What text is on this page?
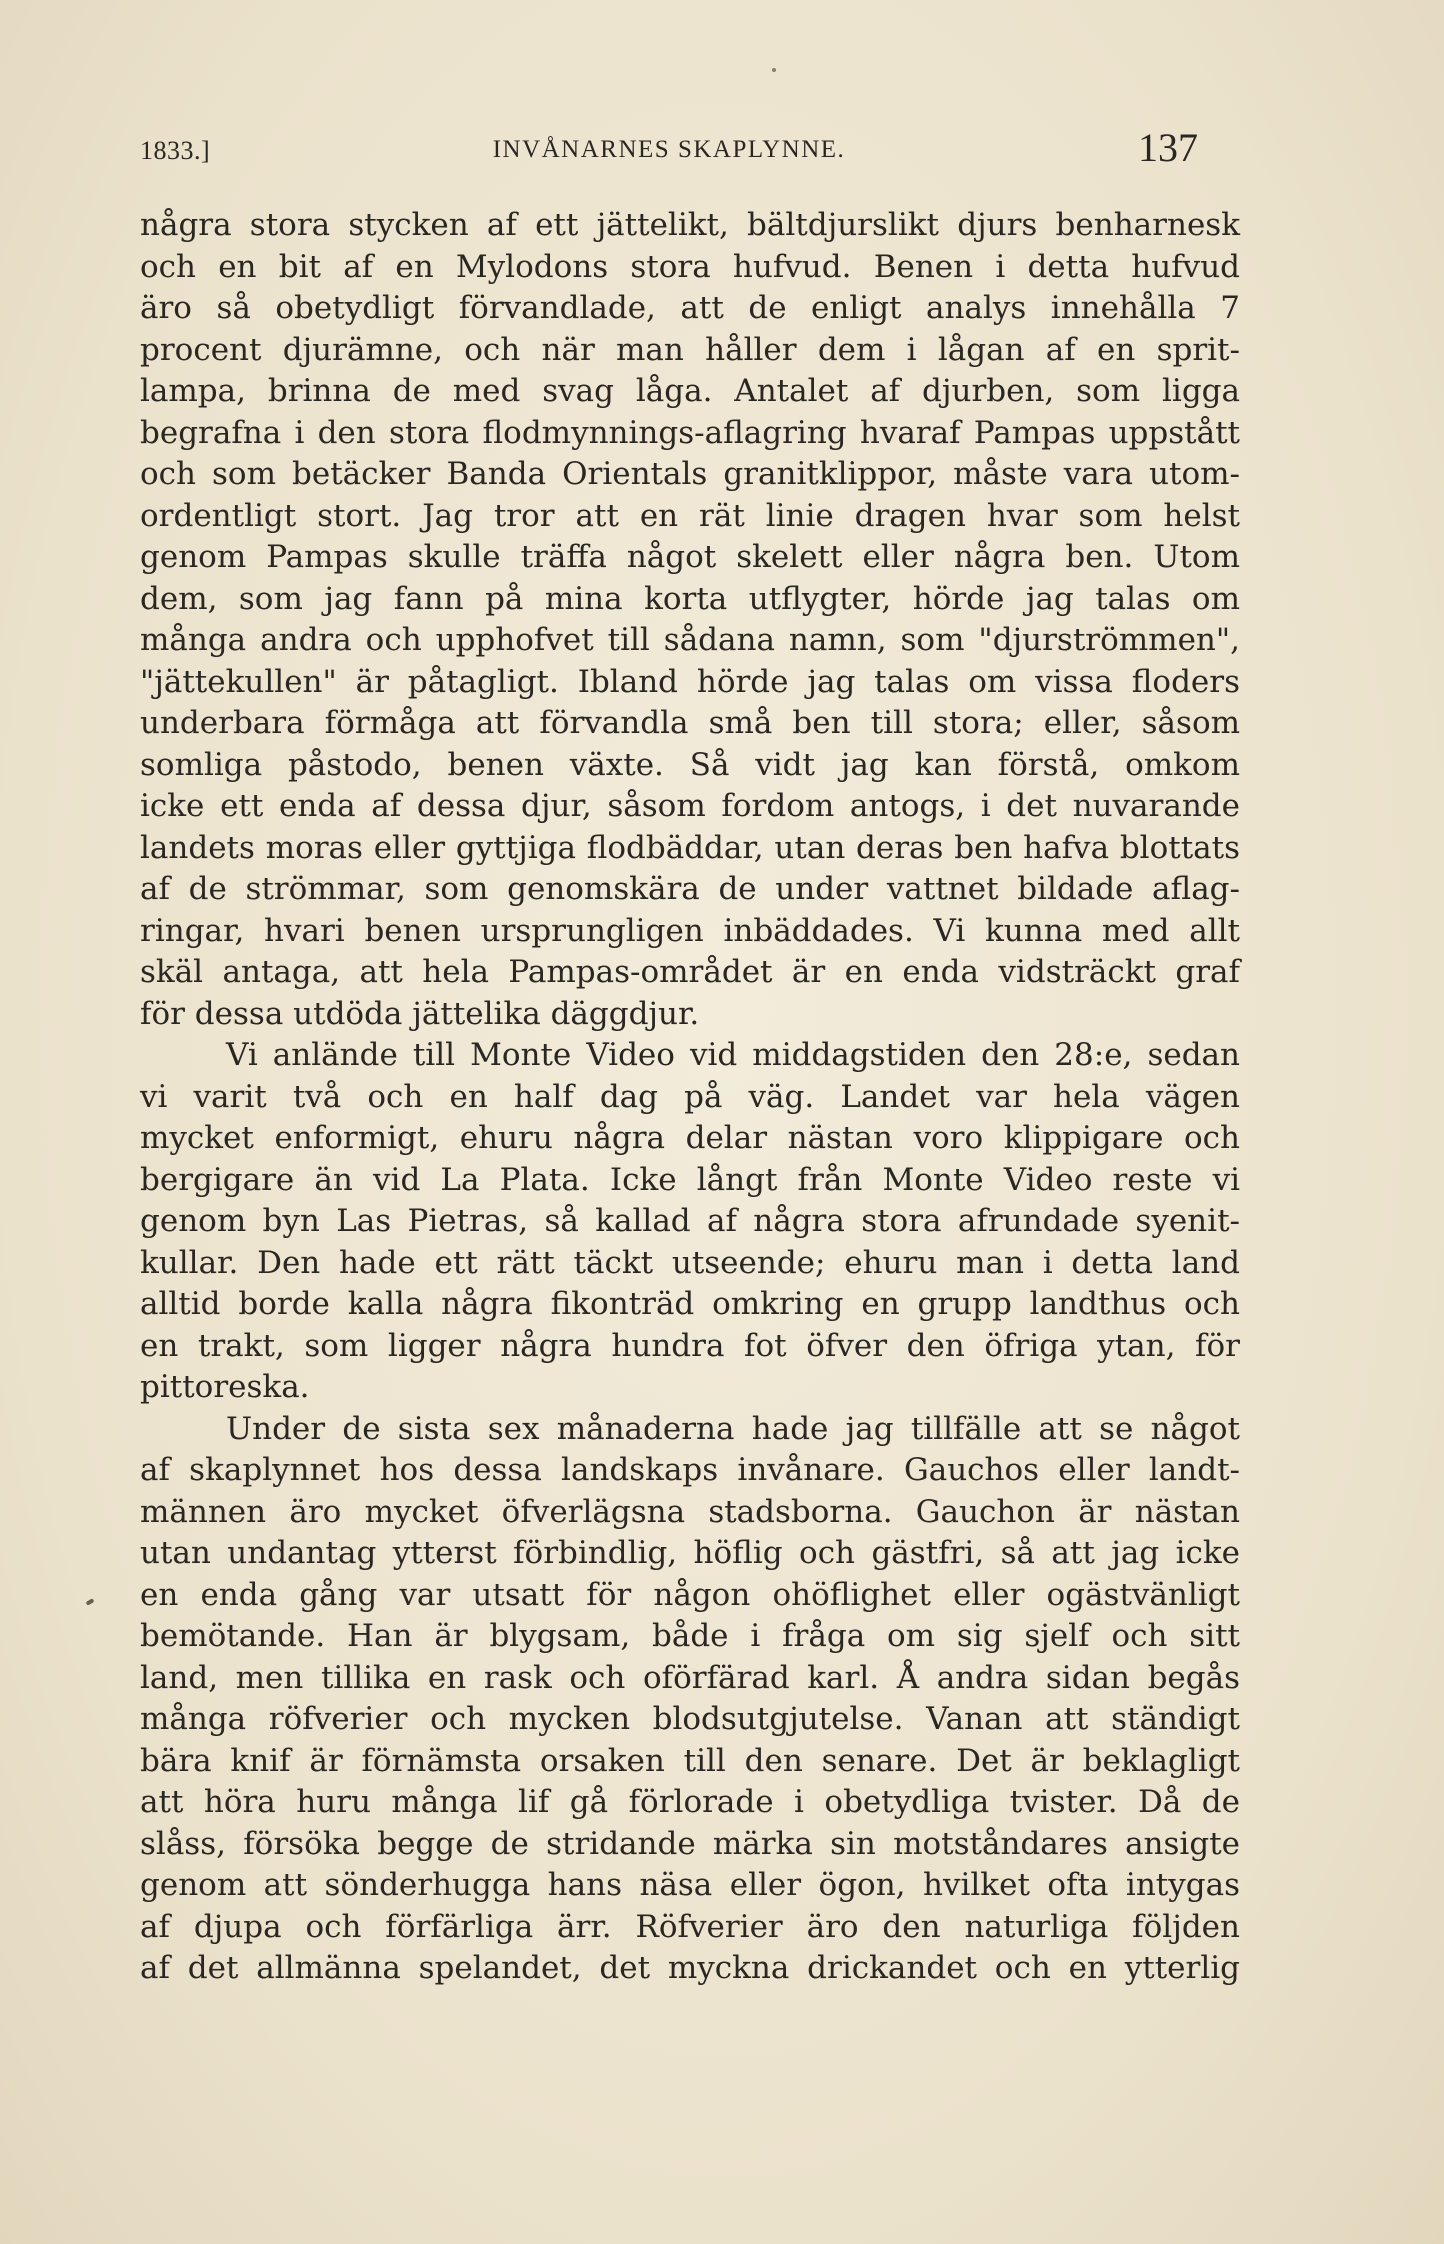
1833.]	INVÅNARNES SKAPLYNNE.	137
några stora stycken af ett jättelikt, bältdjurslikt djurs benharnesk
och en bit af en Mylodons stora hufvud. Benen i detta hufvud
äro så obetydligt förvandlade, att de enligt analys innehålla 7
procent djurämne, och när man håller dem i lågan af en sprit-
lampa, brinna de med svag låga. Antalet af djurben, som ligga
begrafna i den stora flodmynnings-aflagring hvaraf Pampas uppstått
och som betäcker Banda Orientals granitklippor, måste vara utom-
ordentligt stort. Jag tror att en rät linie dragen hvar som helst
genom Pampas skulle träffa något skelett eller några ben. Utom
dem, som jag fann på mina korta utflygter, hörde jag talas om
många andra och upphofvet till sådana namn, som "djurströmmen",
"jättekullen" är påtagligt. Ibland hörde jag talas om vissa floders
underbara förmåga att förvandla små ben till stora; eller, såsom
somliga påstodo, benen växte. Så vidt jag kan förstå, omkom
icke ett enda af dessa djur, såsom fordom antogs, i det nuvarande
landets moras eller gyttjiga flodbäddar, utan deras ben hafva blottats
af de strömmar, som genomskära de under vattnet bildade aflag-
ringar, hvari benen ursprungligen inbäddades. Vi kunna med allt
skäl antaga, att hela Pampas-området är en enda vidsträckt graf
för dessa utdöda jättelika däggdjur.
Vi anlände till Monte Video vid middagstiden den 28:e, sedan
vi varit två och en half dag på väg. Landet var hela vägen
mycket enformigt, ehuru några delar nästan voro klippigare och
bergigare än vid La Plata. Icke långt från Monte Video reste vi
genom byn Las Pietras, så kallad af några stora afrundade syenit-
kullar. Den hade ett rätt täckt utseende; ehuru man i detta land
alltid borde kalla några fikonträd omkring en grupp landthus och
en trakt, som ligger några hundra fot öfver den öfriga ytan, för
pittoreska.
Under de sista sex månaderna hade jag tillfälle att se något
af skaplynnet hos dessa landskaps invånare. Gauchos eller landt-
männen äro mycket öfverlägsna stadsborna. Gauchon är nästan
utan undantag ytterst förbindlig, höflig och gästfri, så att jag icke
en enda gång var utsatt för någon ohöflighet eller ogästvänligt
bemötande. Han är blygsam, både i fråga om sig sjelf och sitt
land, men tillika en rask och oförfärad karl. Å andra sidan begås
många röfverier och mycken blodsutgjutelse. Vanan att ständigt
bära knif är förnämsta orsaken till den senare. Det är beklagligt
att höra huru många lif gå förlorade i obetydliga tvister. Då de
slåss, försöka begge de stridande märka sin motståndares ansigte
genom att sönderhugga hans näsa eller ögon, hvilket ofta intygas
af djupa och förfärliga ärr. Röfverier äro den naturliga följden
af det allmänna spelandet, det myckna drickandet och en ytterlig
